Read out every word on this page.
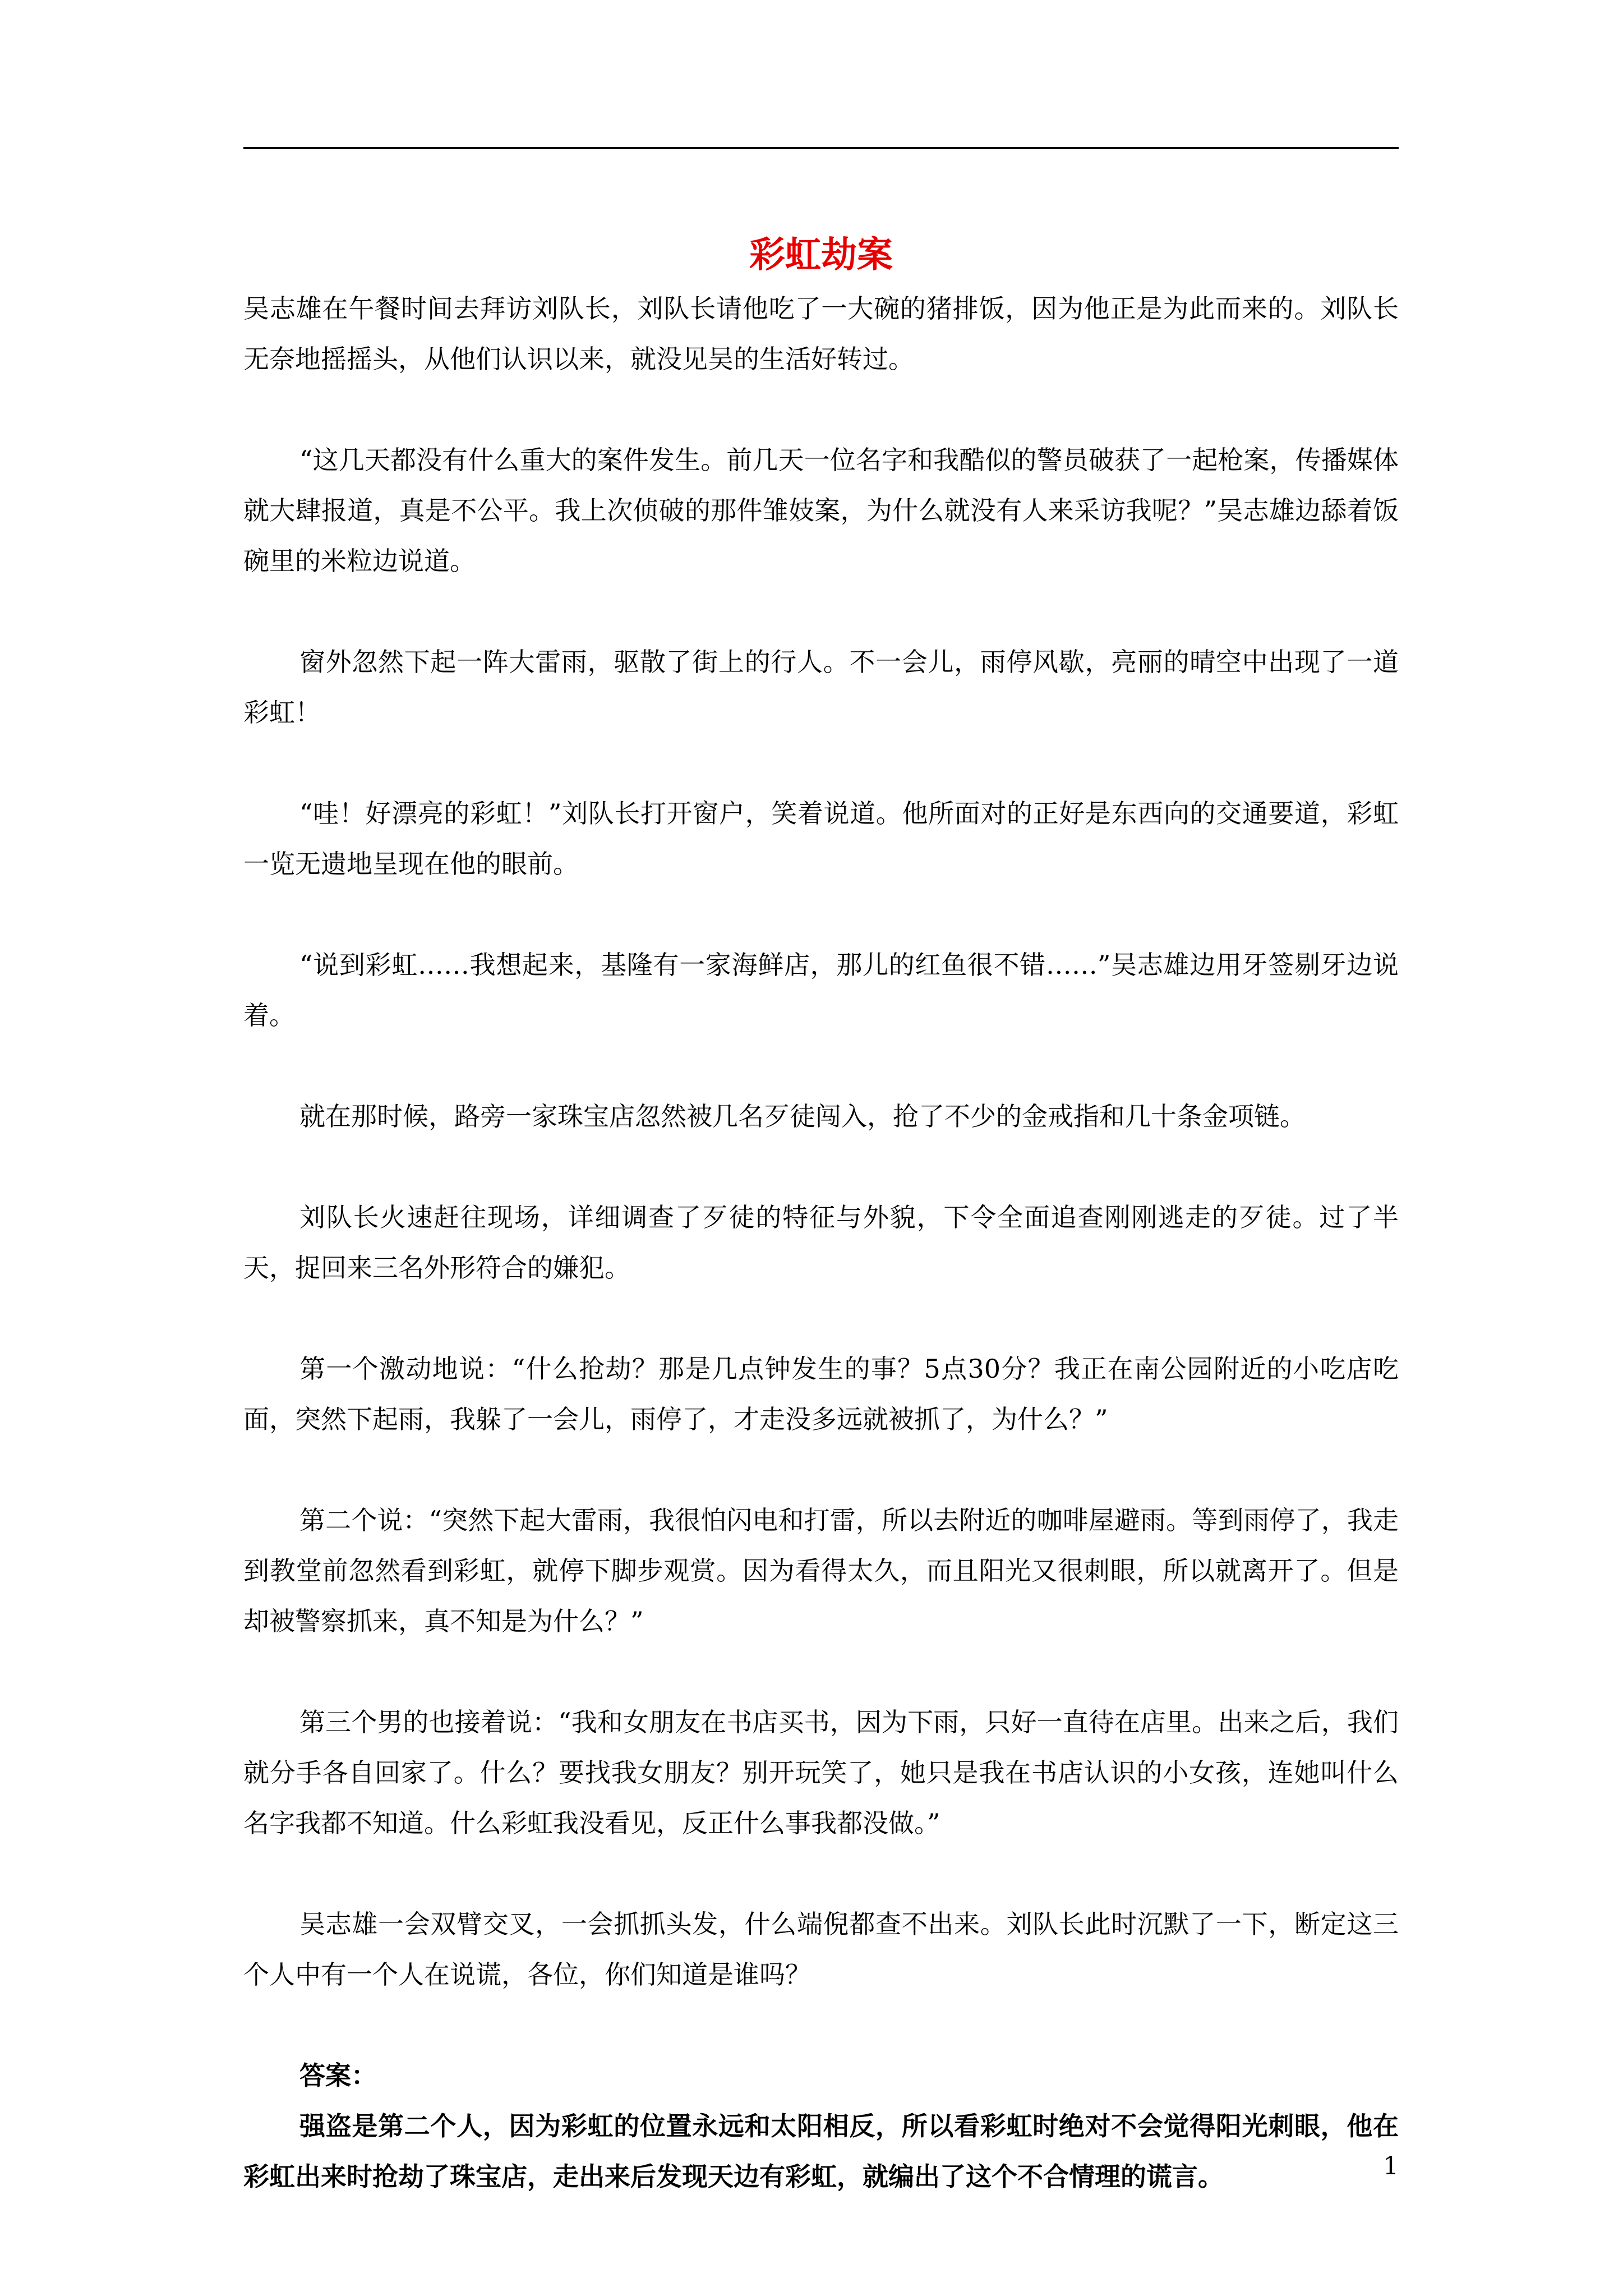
彩虹劫案

吴志雄在午餐时间去拜访刘队长，刘队长请他吃了一大碗的猪排饭，因为他正是为此而来的。刘队长无奈地摇摇头，从他们认识以来，就没见吴的生活好转过。

“这几天都没有什么重大的案件发生。前几天一位名字和我酷似的警员破获了一起枪案，传播媒体就大肆报道，真是不公平。我上次侦破的那件雏妓案，为什么就没有人来采访我呢？”吴志雄边舔着饭碗里的米粒边说道。

窗外忽然下起一阵大雷雨，驱散了街上的行人。不一会儿，雨停风歇，亮丽的晴空中出现了一道彩虹！

“哇！好漂亮的彩虹！”刘队长打开窗户，笑着说道。他所面对的正好是东西向的交通要道，彩虹一览无遗地呈现在他的眼前。

“说到彩虹……我想起来，基隆有一家海鲜店，那儿的红鱼很不错……”吴志雄边用牙签剔牙边说着。

就在那时候，路旁一家珠宝店忽然被几名歹徒闯入，抢了不少的金戒指和几十条金项链。

刘队长火速赶往现场，详细调查了歹徒的特征与外貌，下令全面追查刚刚逃走的歹徒。过了半天，捉回来三名外形符合的嫌犯。

第一个激动地说：“什么抢劫？那是几点钟发生的事？5点30分？我正在南公园附近的小吃店吃面，突然下起雨，我躲了一会儿，雨停了，才走没多远就被抓了，为什么？”

第二个说：“突然下起大雷雨，我很怕闪电和打雷，所以去附近的咖啡屋避雨。等到雨停了，我走到教堂前忽然看到彩虹，就停下脚步观赏。因为看得太久，而且阳光又很刺眼，所以就离开了。但是却被警察抓来，真不知是为什么？”

第三个男的也接着说：“我和女朋友在书店买书，因为下雨，只好一直待在店里。出来之后，我们就分手各自回家了。什么？要找我女朋友？别开玩笑了，她只是我在书店认识的小女孩，连她叫什么名字我都不知道。什么彩虹我没看见，反正什么事我都没做。”

吴志雄一会双臂交叉，一会抓抓头发，什么端倪都查不出来。刘队长此时沉默了一下，断定这三个人中有一个人在说谎，各位，你们知道是谁吗？

答案：

强盗是第二个人，因为彩虹的位置永远和太阳相反，所以看彩虹时绝对不会觉得阳光刺眼，他在彩虹出来时抢劫了珠宝店，走出来后发现天边有彩虹，就编出了这个不合情理的谎言。	1
